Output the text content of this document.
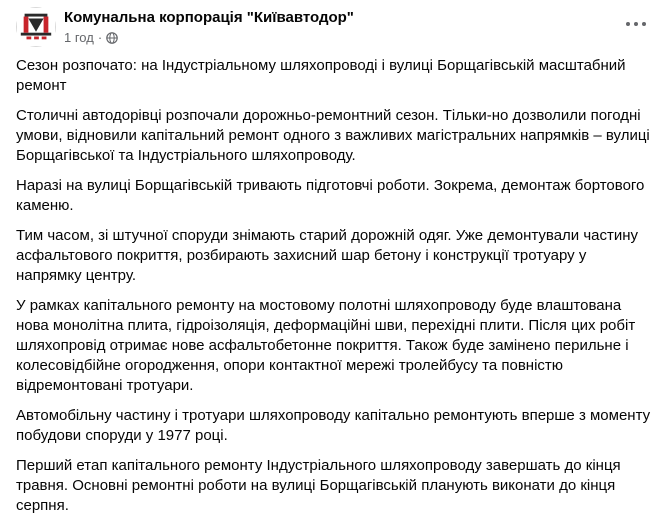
Комунальна корпорація "Київавтодор"
1 год ·

Сезон розпочато: на Індустріальному шляхопроводі і вулиці Борщагівській масштабний ремонт

Столичні автодорівці розпочали дорожньо-ремонтний сезон. Тільки-но дозволили погодні умови, відновили капітальний ремонт одного з важливих магістральних напрямків – вулиці Борщагівської та Індустріального шляхопроводу.

Наразі на вулиці Борщагівській тривають підготовчі роботи. Зокрема, демонтаж бортового каменю.

Тим часом, зі штучної споруди знімають старий дорожній одяг. Уже демонтували частину асфальтового покриття, розбирають захисний шар бетону і конструкції тротуару у напрямку центру.

У рамках капітального ремонту на мостовому полотні шляхопроводу буде влаштована нова монолітна плита, гідроізоляція, деформаційні шви, перехідні плити. Після цих робіт шляхопровід отримає нове асфальтобетонне покриття. Також буде замінено перильне і колесовідбійне огородження, опори контактної мережі тролейбусу та повністю відремонтовані тротуари.

Автомобільну частину і тротуари шляхопроводу капітально ремонтують вперше з моменту побудови споруди у 1977 році.

Перший етап капітального ремонту Індустріального шляхопроводу завершать до кінця травня. Основні ремонтні роботи на вулиці Борщагівській планують виконати до кінця серпня.
